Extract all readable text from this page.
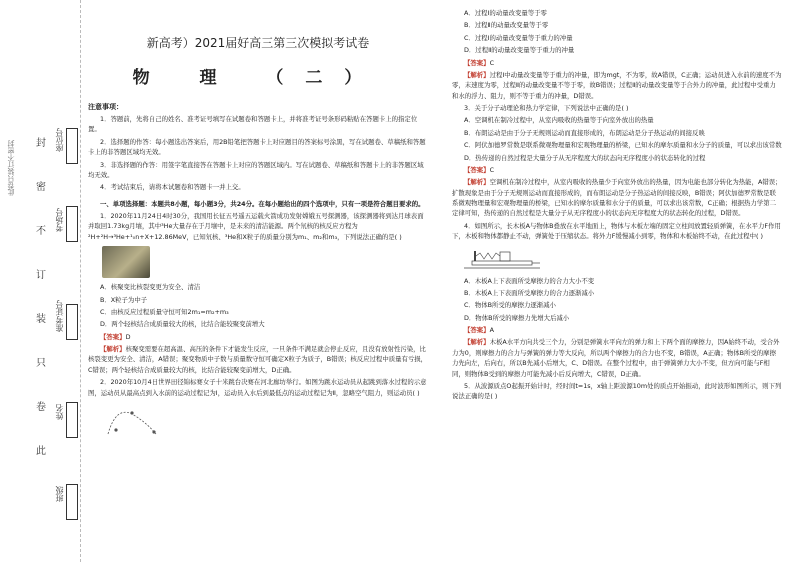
座位号
考场号
准考证号
姓名
班级
封
密
不
订
装
只
卷
此
此卷只装订不密封
新高考）2021届好高三第三次模拟考试卷
物 理 （二）
注意事项：

1．答题前，先将自己的姓名、准考证号填写在试题卷和答题卡上，并将准考证号条形码粘贴在答题卡上的指定位置。

2．选择题的作答：每小题选出答案后，用2B铅笔把答题卡上对应题目的答案标号涂黑，写在试题卷、草稿纸和答题卡上的非答题区域均无效。

3．非选择题的作答：用签字笔直接答在答题卡上对应的答题区域内。写在试题卷、草稿纸和答题卡上的非答题区域均无效。

4．考试结束后，请将本试题卷和答题卡一并上交。

一、单项选择题：本题共8小题，每小题3分，共24分。在每小题给出的四个选项中，只有一项是符合题目要求的。

1．2020年11月24日4时30分，我国用长征五号遥五运载火箭成功发射嫦娥五号探测器，该探测器将到达月球表面并取回1.73kg月壤，其中³He大量存在于月壤中，是未来的清洁能源。两个氘核的核反应方程为²H+²H→³He+¹₀n+X+12.86MeV，已知氘核、³He和X粒子的质量分别为m₁、m₂和m₃，下列说法正确的是( )

A．核聚变比核裂变更为安全、清洁

B．X粒子为中子

C．由核反应过程质量守恒可知2m₁=m₂+m₃

D．两个轻核结合成质量较大的核，比结合能较聚变前增大

【答案】D

【解析】核聚变需要在超高温、高压的条件下才能发生反应，一旦条件不满足就会停止反应，且没有放射性污染，比核裂变更为安全、清洁，A错误；聚变物质中子数与质量数守恒可确定X粒子为质子，B错误；核反应过程中质量有亏损，C错误；两个轻核结合成质量较大的核，比结合能较聚变前增大，D正确。

2．2020年10月4日世界田径锦标赛女子十米跳台决赛在河北廊坊举行。如图为跳水运动员从起跳到落水过程的示意图，运动员从最高点到入水前的运动过程记为Ⅰ，运动员入水后到最低点的运动过程记为Ⅱ，忽略空气阻力，则运动员( )

A．过程Ⅰ的动量改变量等于零

B．过程Ⅱ的动量改变量等于零

C．过程Ⅰ的动量改变量等于重力的冲量

D．过程Ⅱ的动量改变量等于重力的冲量

【答案】C

【解析】过程Ⅰ中动量改变量等于重力的冲量，即为mgt，不为零，故A错误，C正确；运动员进入水前的速度不为零，末速度为零，过程Ⅱ的动量改变量不等于零，故B错误；过程Ⅱ的动量改变量等于合外力的冲量，此过程中受重力和水的浮力、阻力，则不等于重力的冲量，D错误。

3．关于分子动理论和热力学定律，下列说法中正确的是( )

A．空调机在制冷过程中，从室内吸收的热量等于向室外放出的热量

B．布朗运动是由于分子无规则运动而直接形成的，布朗运动是分子热运动的间接反映

C．阿伏加德罗常数是联系微观物理量和宏观物理量的桥梁，已知水的摩尔质量和水分子的质量，可以求出该常数

D．热传递的自然过程是大量分子从无序程度大的状态向无序程度小的状态转化的过程

【答案】C

【解析】空调机在制冷过程中，从室内吸收的热量少于向室外放出的热量，因为电能也部分转化为热能，A错误；扩散现象是由于分子无规则运动而直接形成的，而布朗运动是分子热运动的间接反映，B错误；阿伏加德罗常数是联系微观物理量和宏观物理量的桥梁，已知水的摩尔质量和水分子的质量，可以求出该常数，C正确；根据热力学第二定律可知，热传递的自然过程是大量分子从无序程度小的状态向无序程度大的状态转化的过程，D错误。

4．如图所示，长木板A与物体B叠放在水平地面上，物体与木板左端的固定立柱间放置轻质弹簧，在水平力F作用下，木板和物体都静止不动，弹簧处于压缩状态。将外力F缓慢减小到零，物体和木板始终不动，在此过程中( )

A．木板A上下表面所受摩擦力的合力大小不变

B．木板A上下表面所受摩擦力的合力逐渐减小

C．物体B所受的摩擦力逐渐减小

D．物体B所受的摩擦力先增大后减小

【答案】A

【解析】木板A水平方向共受三个力，分别是弹簧水平向左的弹力和上下两个面的摩擦力，因A始终不动，受合外力为0，则摩擦力的合力与弹簧的弹力等大反向，所以两个摩擦力的合力也不变，B错误，A正确；物体B所受的摩擦力先向左，后向右，所以B先减小后增大，C、D错误。在整个过程中，由于弹簧弹力大小不变，但方向可能与F相同，则物体B受到的摩擦力可能先减小后反向增大，C错误，D正确。

5．从波源质点O起振开始计时，经时间t=1s，x轴上距波源10m处的质点开始振动，此时波形如图所示，则下列说法正确的是( )
